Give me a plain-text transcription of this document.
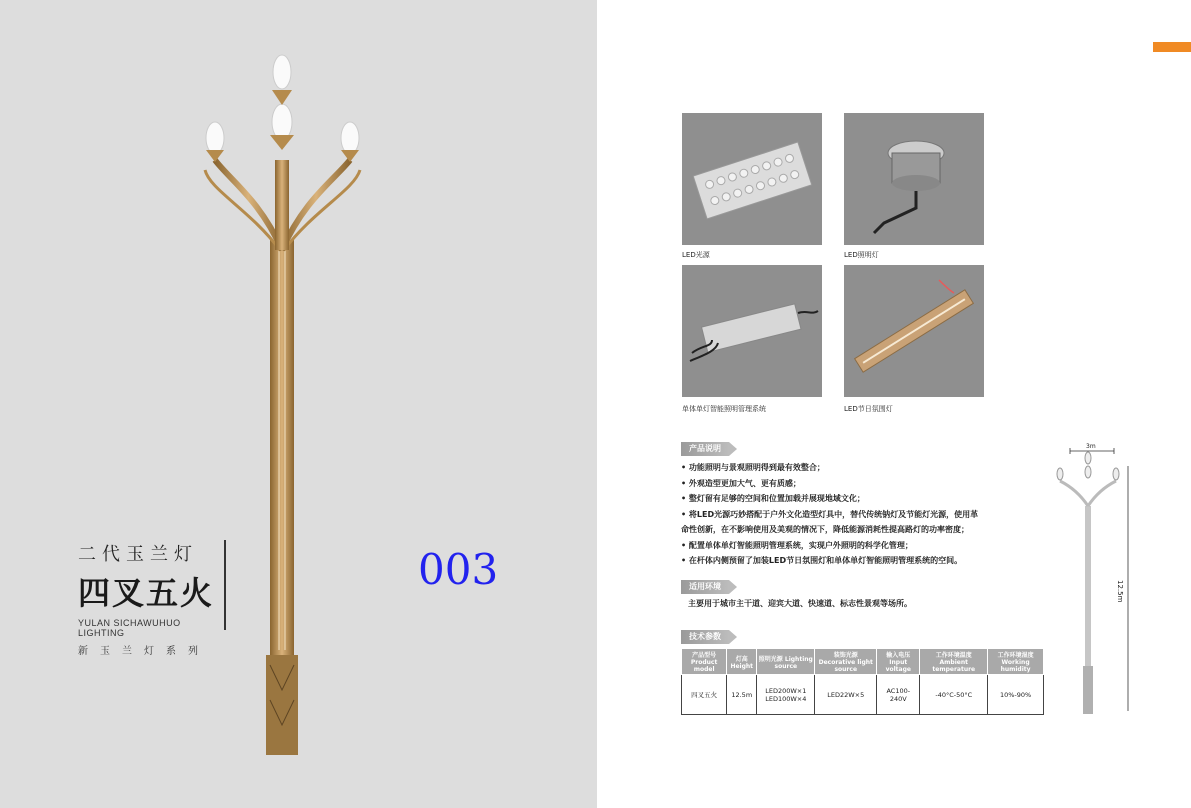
二代玉兰灯
四叉五火
YULAN SICHAWUHUO LIGHTING
新玉兰灯系列
003
LED光源	LED照明灯
单体单灯智能照明管理系统	LED节日氛围灯
产品说明
• 功能照明与景观照明得到最有效整合；
• 外观造型更加大气、更有质感；
• 整灯留有足够的空间和位置加载并展现地域文化；
• 将LED光源巧妙搭配于户外文化造型灯具中，替代传统钠灯及节能灯光源，使用革
命性创新，在不影响使用及美观的情况下，降低能源消耗性提高路灯的功率密度；
• 配置单体单灯智能照明管理系统，实现户外照明的科学化管理；
• 在杆体内侧预留了加装LED节日氛围灯和单体单灯智能照明管理系统的空间。
适用环境
主要用于城市主干道、迎宾大道、快速道、标志性景观等场所。
技术参数
产品型号 Product model	灯高 Height	照明光源 Lighting source	装饰光源 Decorative light source	输入电压 Input voltage	工作环境温度 Ambient temperature	工作环境湿度 Working humidity
四叉五火	12.5m	LED200W×1 LED100W×4	LED22W×5	AC100-240V	-40°C-50°C	10%-90%
3m
12.5m
